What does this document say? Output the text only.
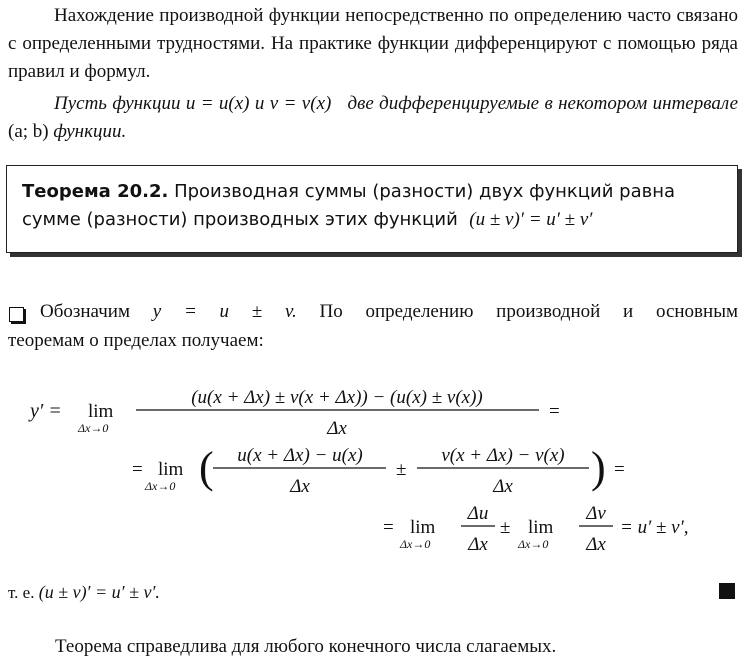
Нахождение производной функции непосредственно по определению часто связано с определенными трудностями. На практике функции дифференцируют с помощью ряда правил и формул.
Пусть функции u = u(x) и v = v(x) две дифференцируемые в некотором интервале (a; b) функции.
Теорема 20.2. Производная суммы (разности) двух функций равна
сумме (разности) производных этих функций (u ± v)′ = u′ ± v′
Обозначим y = u ± v. По определению производной и основным
теоремам о пределах получаем:
y′ = lim
Δx→0
(u(x + Δx) ± v(x + Δx)) − (u(x) ± v(x))
Δx
=
= lim
Δx→0 ( u(x + Δx) − u(x)
Δx
±
v(x + Δx) − v(x)
Δx ) =
= lim
Δx→0
Δu
Δx
± lim
Δx→0
Δv
Δx
= u′ ± v′,
т. е. (u ± v)′ = u′ ± v′.
Теорема справедлива для любого конечного числа слагаемых.
